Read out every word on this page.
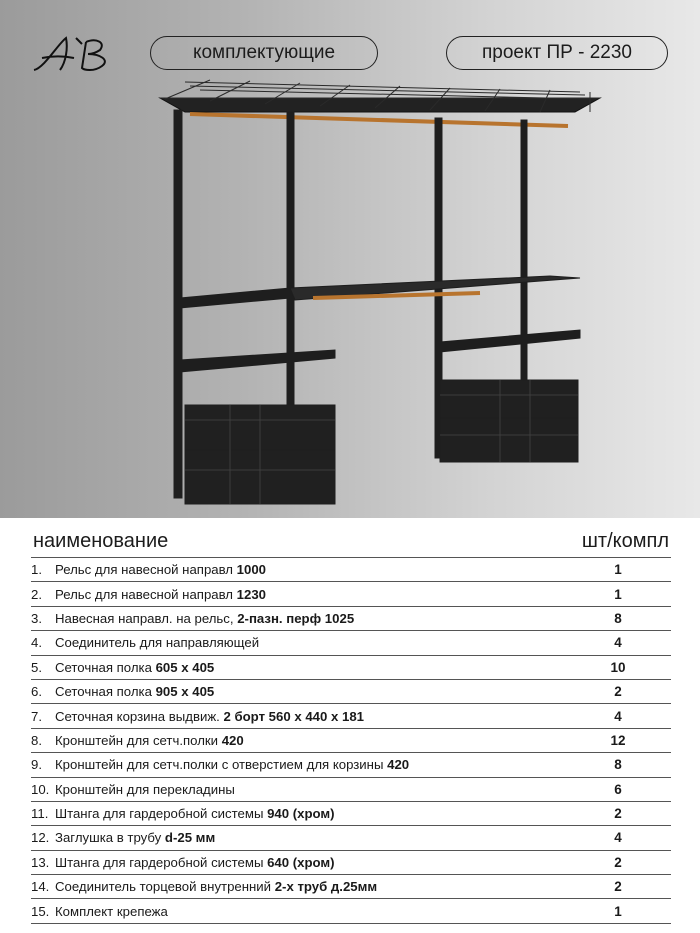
комплектующие	проект ПР - 2230
наименование	шт/компл
1. Рельс для навесной направл 1000	1
2. Рельс для навесной направл 1230	1
3. Навесная направл. на рельс, 2-пазн. перф 1025	8
4. Соединитель для направляющей	4
5. Сеточная полка 605 х 405	10
6. Сеточная полка 905 х 405	2
7. Сеточная корзина выдвиж. 2 борт 560 х 440 х 181	4
8. Кронштейн для сетч.полки 420	12
9. Кронштейн для сетч.полки с отверстием для корзины 420	8
10. Кронштейн для перекладины	6
11. Штанга для гардеробной системы 940 (хром)	2
12. Заглушка в трубу d-25 мм	4
13. Штанга для гардеробной системы 640 (хром)	2
14. Соединитель торцевой внутренний 2-х труб д.25мм	2
15. Комплект крепежа	1
